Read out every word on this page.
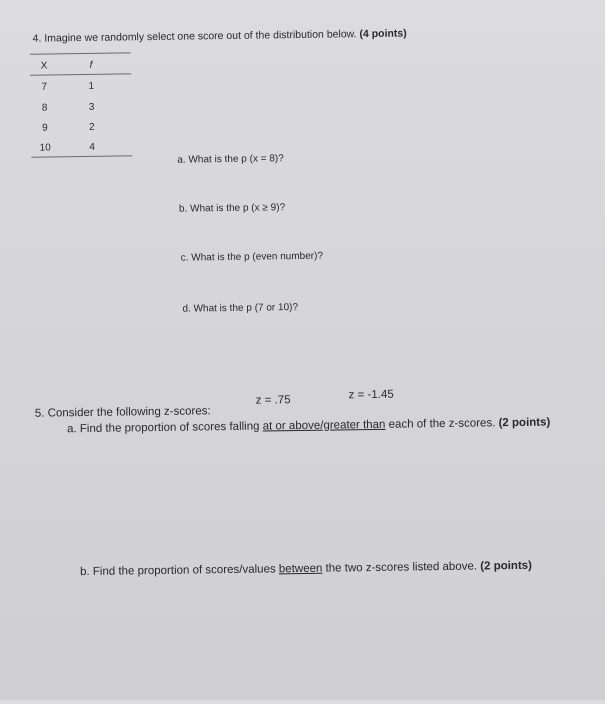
4. Imagine we randomly select one score out of the distribution below. (4 points)
X	f
7	1
8	3
9	2
10	4
a. What is the p (x = 8)?
b. What is the p (x ≥ 9)?
c. What is the p (even number)?
d. What is the p (7 or 10)?
z = .75	z = -1.45
5. Consider the following z-scores:
a. Find the proportion of scores falling at or above/greater than each of the z-scores. (2 points)
b. Find the proportion of scores/values between the two z-scores listed above. (2 points)
